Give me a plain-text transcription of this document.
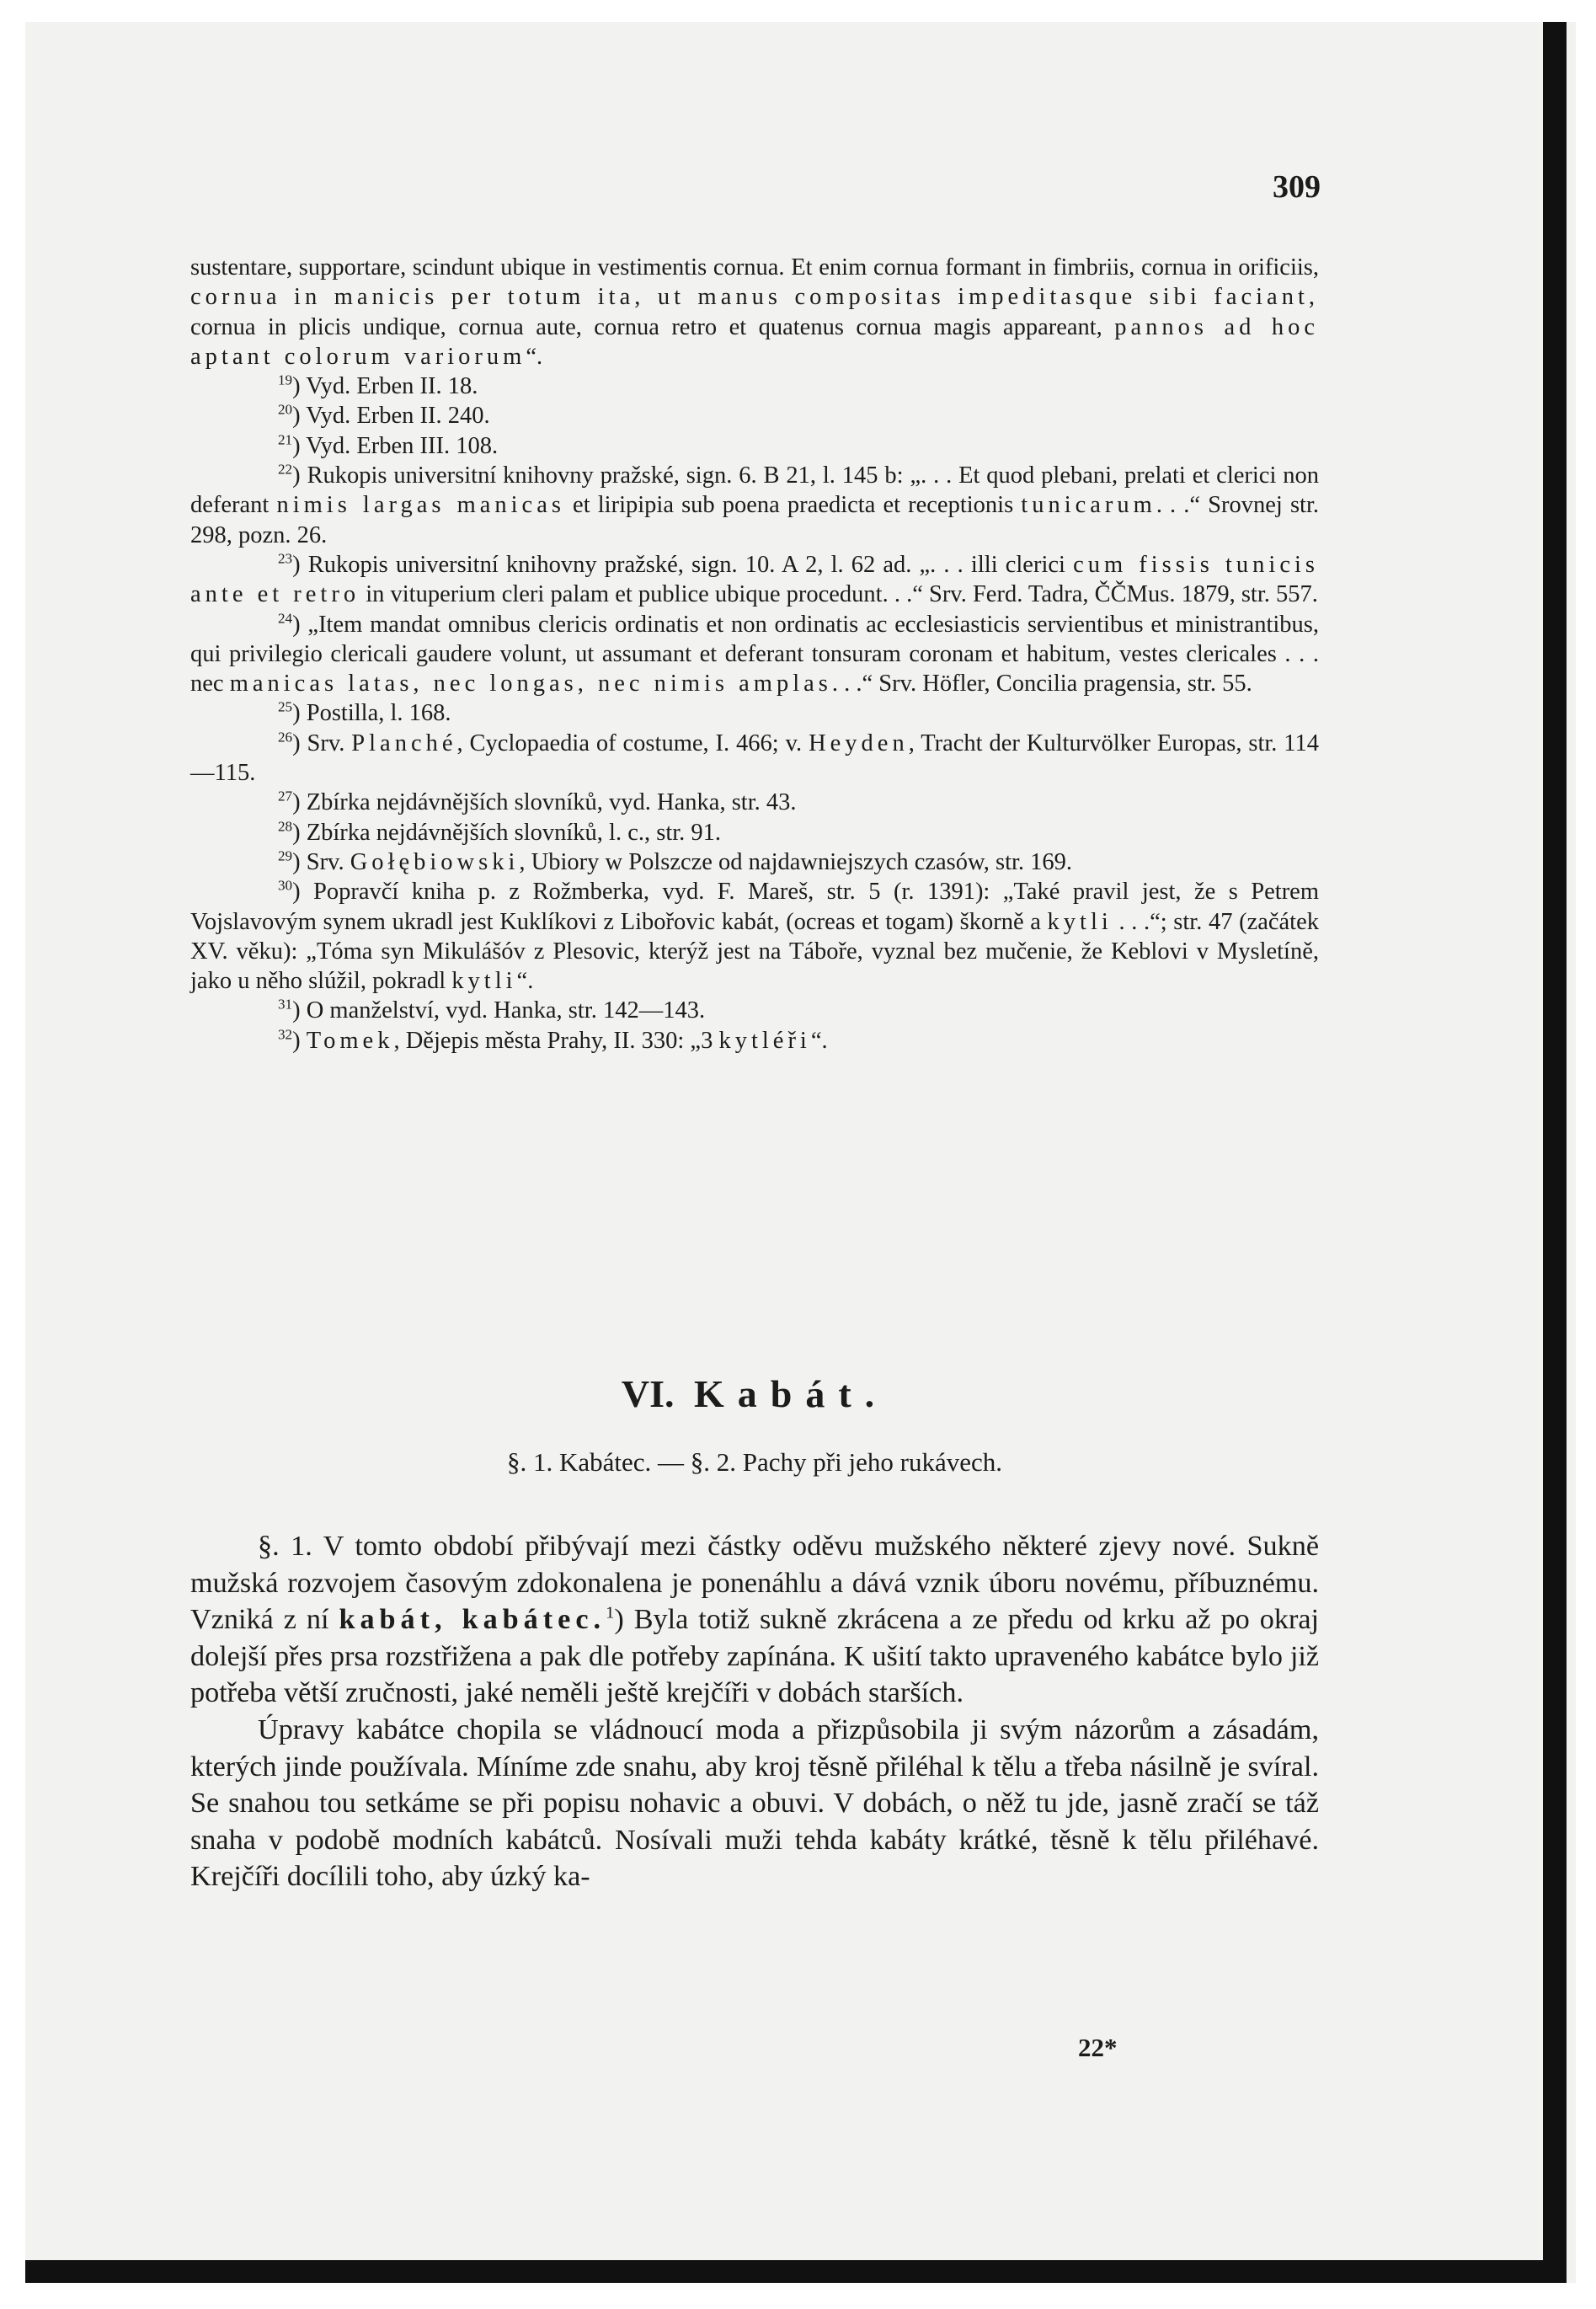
309

sustentare, supportare, scindunt ubique in vestimentis cornua. Et enim cornua formant in fimbriis, cornua in orificiis, cornua in manicis per totum ita, ut manus compositas impeditasque sibi faciant, cornua in plicis undique, cornua aute, cornua retro et quatenus cornua magis appareant, pannos ad hoc aptant colorum variorum“.

$^{19}$) Vyd. Erben II. 18.

$^{20}$) Vyd. Erben II. 240.

$^{21}$) Vyd. Erben III. 108.

$^{22}$) Rukopis universitní knihovny pražské, sign. 6. B 21, l. 145 b: „. . . Et quod plebani, prelati et clerici non deferant nimis largas manicas et liripipia sub poena praedicta et receptionis tunicarum. . .“ Srovnej str. 298, pozn. 26.

$^{23}$) Rukopis universitní knihovny pražské, sign. 10. A 2, l. 62 ad. „. . . illi clerici cum fissis tunicis ante et retro in vituperium cleri palam et publice ubique procedunt. . .“ Srv. Ferd. Tadra, ČČMus. 1879, str. 557.

$^{24}$) „Item mandat omnibus clericis ordinatis et non ordinatis ac ecclesiasticis servientibus et ministrantibus, qui privilegio clericali gaudere volunt, ut assumant et deferant tonsuram coronam et habitum, vestes clericales . . . nec manicas latas, nec longas, nec nimis amplas. . .“ Srv. Höfler, Concilia pragensia, str. 55.

$^{25}$) Postilla, l. 168.

$^{26}$) Srv. Planché, Cyclopaedia of costume, I. 466; v. Heyden, Tracht der Kulturvölker Europas, str. 114—115.

$^{27}$) Zbírka nejdávnějších slovníků, vyd. Hanka, str. 43.

$^{28}$) Zbírka nejdávnějších slovníků, l. c., str. 91.

$^{29}$) Srv. Gołębiowski, Ubiory w Polszcze od najdawniejszych czasów, str. 169.

$^{30}$) Popravčí kniha p. z Rožmberka, vyd. F. Mareš, str. 5 (r. 1391): „Také pravil jest, že s Petrem Vojslavovým synem ukradl jest Kuklíkovi z Libořovic kabát, (ocreas et togam) škorně a kytli . . .“; str. 47 (začátek XV. věku): „Tóma syn Mikulášóv z Plesovic, kterýž jest na Táboře, vyznal bez mučenie, že Keblovi v Mysletíně, jako u něho slúžil, pokradl kytli“.

$^{31}$) O manželství, vyd. Hanka, str. 142—143.

$^{32}$) Tomek, Dějepis města Prahy, II. 330: „3 kytléři“.

VI. Kabát.
§. 1. Kabátec. — §. 2. Pachy při jeho rukávech.

§. 1. V tomto období přibývají mezi částky oděvu mužského některé zjevy nové. Sukně mužská rozvojem časovým zdokonalena je ponenáhlu a dává vznik úboru novému, příbuznému. Vzniká z ní kabát, kabátec.$^1$) Byla totiž sukně zkrácena a ze předu od krku až po okraj dolejší přes prsa rozstřižena a pak dle potřeby zapínána. K ušití takto upraveného kabátce bylo již potřeba větší zručnosti, jaké neměli ještě krejčíři v dobách starších.

Úpravy kabátce chopila se vládnoucí moda a přizpůsobila ji svým názorům a zásadám, kterých jinde používala. Míníme zde snahu, aby kroj těsně přiléhal k tělu a třeba násilně je svíral. Se snahou tou setkáme se při popisu nohavic a obuvi. V dobách, o něž tu jde, jasně zračí se táž snaha v podobě modních kabátců. Nosívali muži tehda kabáty krátké, těsně k tělu přiléhavé. Krejčíři docílili toho, aby úzký ka-

22*
